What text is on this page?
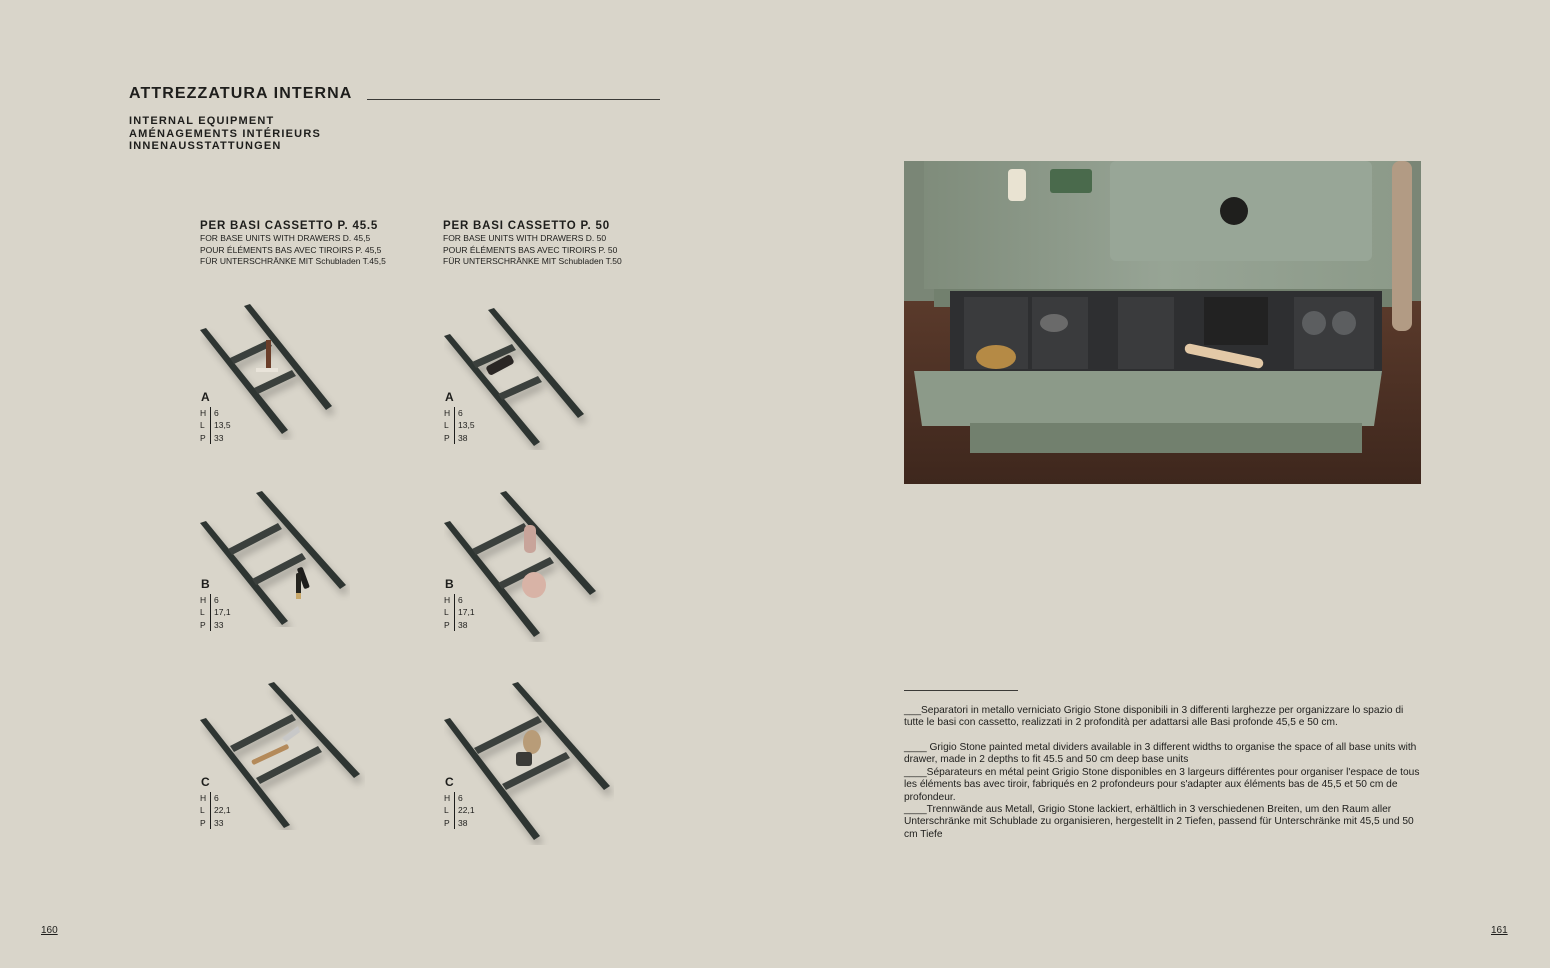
ATTREZZATURA INTERNA
INTERNAL EQUIPMENT
AMÉNAGEMENTS INTÉRIEURS
INNENAUSSTATTUNGEN
PER BASI CASSETTO P. 45.5
FOR BASE UNITS WITH DRAWERS D. 45,5
POUR ÉLÉMENTS BAS AVEC TIROIRS P. 45,5
FÜR UNTERSCHRÄNKE MIT Schubladen T.45,5
PER BASI CASSETTO P. 50
FOR BASE UNITS WITH DRAWERS D. 50
POUR ÉLÉMENTS BAS AVEC TIROIRS P. 50
FÜR UNTERSCHRÄNKE MIT Schubladen T.50
A
H 6
L	13,5
P 33
B
H 6
L	17,1
P 33
C
H 6
L	22,1
P 33
A
H 6
L	13,5
P 38
B
H 6
L	17,1
P 38
C
H 6
L	22,1
P 38
___Separatori in metallo verniciato Grigio Stone disponibili in 3 differenti larghezze per organizzare lo spazio di tutte le basi con cassetto, realizzati in 2 profondità per adattarsi alle Basi profonde 45,5 e 50 cm.
____ Grigio Stone painted metal dividers available in 3 different widths to organise the space of all base units with drawer, made in 2 depths to fit 45.5 and 50 cm deep base units
____Séparateurs en métal peint Grigio Stone disponibles en 3 largeurs différentes pour organiser l'espace de tous les éléments bas avec tiroir, fabriqués en 2 profondeurs pour s'adapter aux éléments bas de 45,5 et 50 cm de profondeur.
____Trennwände aus Metall, Grigio Stone lackiert, erhältlich in 3 verschiedenen Breiten, um den Raum aller Unterschränke mit Schublade zu organisieren, hergestellt in 2 Tiefen, passend für Unterschränke mit 45,5 und 50 cm Tiefe
160	161
